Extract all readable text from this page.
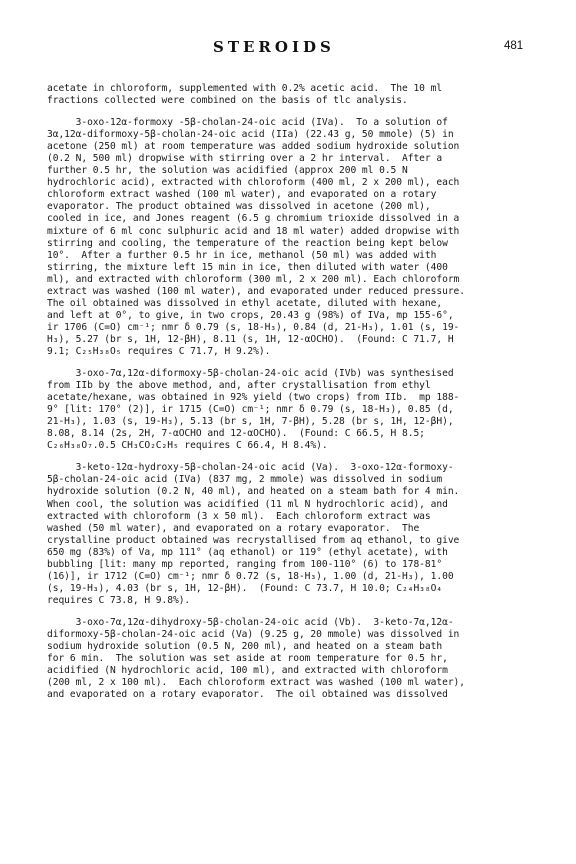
STEROIDS	481
acetate in chloroform, supplemented with 0.2% acetic acid.  The 10 ml
fractions collected were combined on the basis of tlc analysis.
3-oxo-12α-formoxy -5β-cholan-24-oic acid (IVa).  To a solution of
3α,12α-diformoxy-5β-cholan-24-oic acid (IIa) (22.43 g, 50 mmole) (5) in
acetone (250 ml) at room temperature was added sodium hydroxide solution
(0.2 N, 500 ml) dropwise with stirring over a 2 hr interval.  After a
further 0.5 hr, the solution was acidified (approx 200 ml 0.5 N
hydrochloric acid), extracted with chloroform (400 ml, 2 x 200 ml), each
chloroform extract washed (100 ml water), and evaporated on a rotary
evaporator. The product obtained was dissolved in acetone (200 ml),
cooled in ice, and Jones reagent (6.5 g chromium trioxide dissolved in a
mixture of 6 ml conc sulphuric acid and 18 ml water) added dropwise with
stirring and cooling, the temperature of the reaction being kept below
10°.  After a further 0.5 hr in ice, methanol (50 ml) was added with
stirring, the mixture left 15 min in ice, then diluted with water (400
ml), and extracted with chloroform (300 ml, 2 x 200 ml). Each chloroform
extract was washed (100 ml water), and evaporated under reduced pressure.
The oil obtained was dissolved in ethyl acetate, diluted with hexane,
and left at 0°, to give, in two crops, 20.43 g (98%) of IVa, mp 155-6°,
ir 1706 (C=O) cm⁻¹; nmr δ 0.79 (s, 18-H₃), 0.84 (d, 21-H₃), 1.01 (s, 19-
H₃), 5.27 (br s, 1H, 12-βH), 8.11 (s, 1H, 12-αOCHO).  (Found: C 71.7, H
9.1; C₂₅H₃₈O₅ requires C 71.7, H 9.2%).
3-oxo-7α,12α-diformoxy-5β-cholan-24-oic acid (IVb) was synthesised
from IIb by the above method, and, after crystallisation from ethyl
acetate/hexane, was obtained in 92% yield (two crops) from IIb.  mp 188-
9° [lit: 170° (2)], ir 1715 (C=O) cm⁻¹; nmr δ 0.79 (s, 18-H₃), 0.85 (d,
21-H₃), 1.03 (s, 19-H₃), 5.13 (br s, 1H, 7-βH), 5.28 (br s, 1H, 12-βH),
8.08, 8.14 (2s, 2H, 7-αOCHO and 12-αOCHO).  (Found: C 66.5, H 8.5;
C₂₆H₃₈O₇.0.5 CH₃CO₂C₂H₅ requires C 66.4, H 8.4%).
3-keto-12α-hydroxy-5β-cholan-24-oic acid (Va).  3-oxo-12α-formoxy-
5β-cholan-24-oic acid (IVa) (837 mg, 2 mmole) was dissolved in sodium
hydroxide solution (0.2 N, 40 ml), and heated on a steam bath for 4 min.
When cool, the solution was acidified (11 ml N hydrochloric acid), and
extracted with chloroform (3 x 50 ml).  Each chloroform extract was
washed (50 ml water), and evaporated on a rotary evaporator.  The
crystalline product obtained was recrystallised from aq ethanol, to give
650 mg (83%) of Va, mp 111° (aq ethanol) or 119° (ethyl acetate), with
bubbling [lit: many mp reported, ranging from 100-110° (6) to 178-81°
(16)], ir 1712 (C=O) cm⁻¹; nmr δ 0.72 (s, 18-H₃), 1.00 (d, 21-H₃), 1.00
(s, 19-H₃), 4.03 (br s, 1H, 12-βH).  (Found: C 73.7, H 10.0; C₂₄H₃₈O₄
requires C 73.8, H 9.8%).
3-oxo-7α,12α-dihydroxy-5β-cholan-24-oic acid (Vb).  3-keto-7α,12α-
diformoxy-5β-cholan-24-oic acid (Va) (9.25 g, 20 mmole) was dissolved in
sodium hydroxide solution (0.5 N, 200 ml), and heated on a steam bath
for 6 min.  The solution was set aside at room temperature for 0.5 hr,
acidified (N hydrochloric acid, 100 ml), and extracted with chloroform
(200 ml, 2 x 100 ml).  Each chloroform extract was washed (100 ml water),
and evaporated on a rotary evaporator.  The oil obtained was dissolved
